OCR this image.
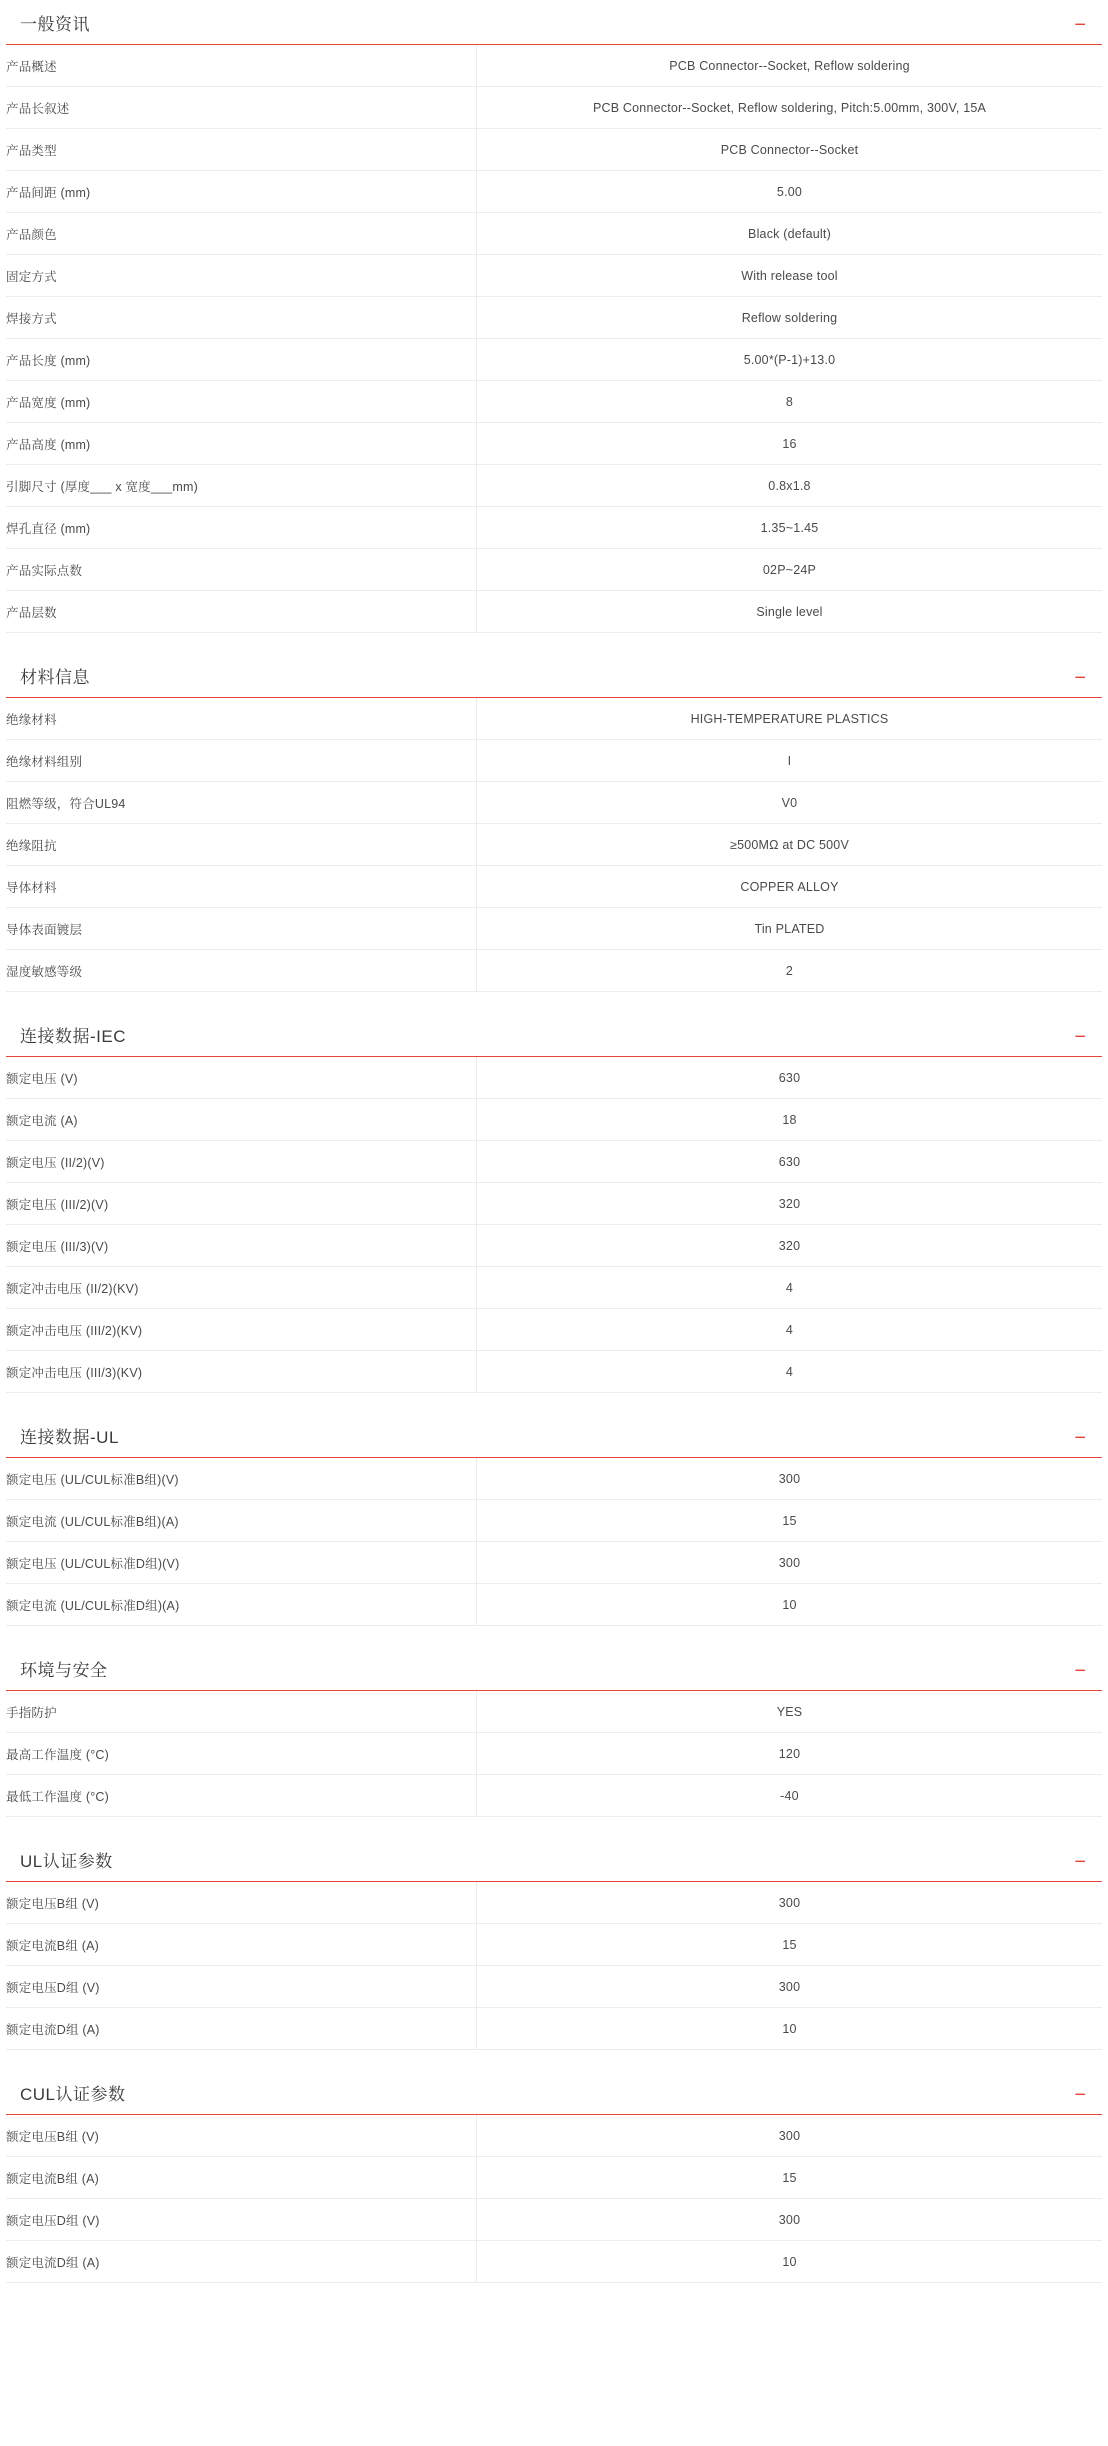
一般资讯	−
产品概述	PCB Connector--Socket, Reflow soldering
产品长叙述	PCB Connector--Socket, Reflow soldering, Pitch:5.00mm, 300V, 15A
产品类型	PCB Connector--Socket
产品间距 (mm)	5.00
产品颜色	Black (default)
固定方式	With release tool
焊接方式	Reflow soldering
产品长度 (mm)	5.00*(P-1)+13.0
产品宽度 (mm)	8
产品高度 (mm)	16
引脚尺寸 (厚度___ x 宽度___mm)	0.8x1.8
焊孔直径 (mm)	1.35~1.45
产品实际点数	02P~24P
产品层数	Single level
材料信息	−
绝缘材料	HIGH-TEMPERATURE PLASTICS
绝缘材料组别	I
阻燃等级，符合UL94	V0
绝缘阻抗	≥500MΩ at DC 500V
导体材料	COPPER ALLOY
导体表面镀层	Tin PLATED
湿度敏感等级	2
连接数据-IEC	−
额定电压 (V)	630
额定电流 (A)	18
额定电压 (II/2)(V)	630
额定电压 (III/2)(V)	320
额定电压 (III/3)(V)	320
额定冲击电压 (II/2)(KV)	4
额定冲击电压 (III/2)(KV)	4
额定冲击电压 (III/3)(KV)	4
连接数据-UL	−
额定电压 (UL/CUL标准B组)(V)	300
额定电流 (UL/CUL标准B组)(A)	15
额定电压 (UL/CUL标准D组)(V)	300
额定电流 (UL/CUL标准D组)(A)	10
环境与安全	−
手指防护	YES
最高工作温度 (°C)	120
最低工作温度 (°C)	-40
UL认证参数	−
额定电压B组 (V)	300
额定电流B组 (A)	15
额定电压D组 (V)	300
额定电流D组 (A)	10
CUL认证参数	−
额定电压B组 (V)	300
额定电流B组 (A)	15
额定电压D组 (V)	300
额定电流D组 (A)	10
